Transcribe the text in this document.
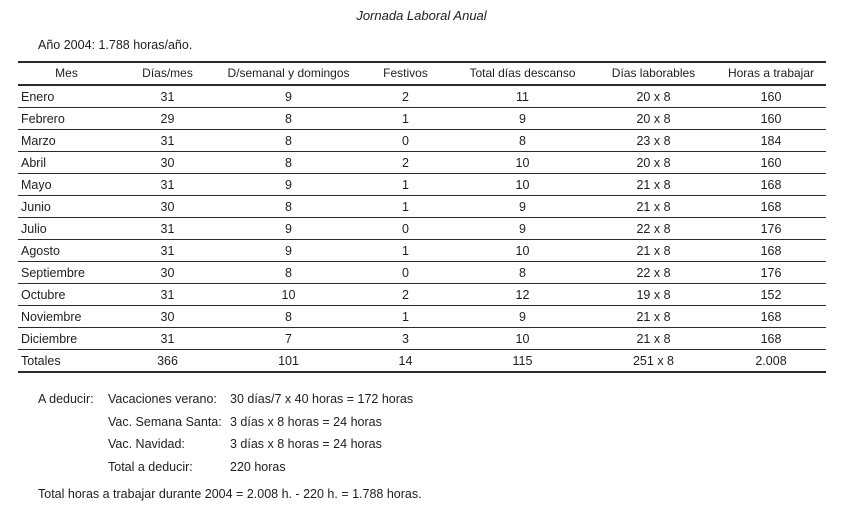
Jornada Laboral Anual
Año 2004: 1.788 horas/año.
Mes	Días/mes	D/semanal y domingos	Festivos	Total días descanso	Días laborables	Horas a trabajar
Enero	31	9	2	11	20 x 8	160
Febrero	29	8	1	9	20 x 8	160
Marzo	31	8	0	8	23 x 8	184
Abril	30	8	2	10	20 x 8	160
Mayo	31	9	1	10	21 x 8	168
Junio	30	8	1	9	21 x 8	168
Julio	31	9	0	9	22 x 8	176
Agosto	31	9	1	10	21 x 8	168
Septiembre	30	8	0	8	22 x 8	176
Octubre	31	10	2	12	19 x 8	152
Noviembre	30	8	1	9	21 x 8	168
Diciembre	31	7	3	10	21 x 8	168
Totales	366	101	14	115	251 x 8	2.008
A deducir:	Vacaciones verano:	30 días/7 x 40 horas = 172 horas
Vac. Semana Santa: 3 días x 8 horas = 24 horas
Vac. Navidad:	3 días x 8 horas = 24 horas
Total a deducir:	220 horas
Total horas a trabajar durante 2004 = 2.008 h. - 220 h. = 1.788 horas.
